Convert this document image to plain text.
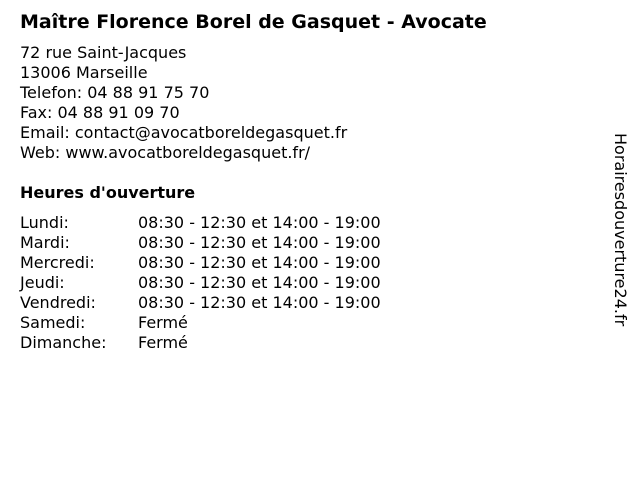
Maître Florence Borel de Gasquet - Avocate
72 rue Saint-Jacques
13006 Marseille
Telefon: 04 88 91 75 70
Fax: 04 88 91 09 70
Email: contact@avocatboreldegasquet.fr
Web: www.avocatboreldegasquet.fr/
Heures d'ouverture
Lundi:	08:30 - 12:30 et 14:00 - 19:00
Mardi:	08:30 - 12:30 et 14:00 - 19:00
Mercredi:	08:30 - 12:30 et 14:00 - 19:00
Jeudi:	08:30 - 12:30 et 14:00 - 19:00
Vendredi:	08:30 - 12:30 et 14:00 - 19:00
Samedi:	Fermé
Dimanche:	Fermé
Horairesdouverture24.fr
